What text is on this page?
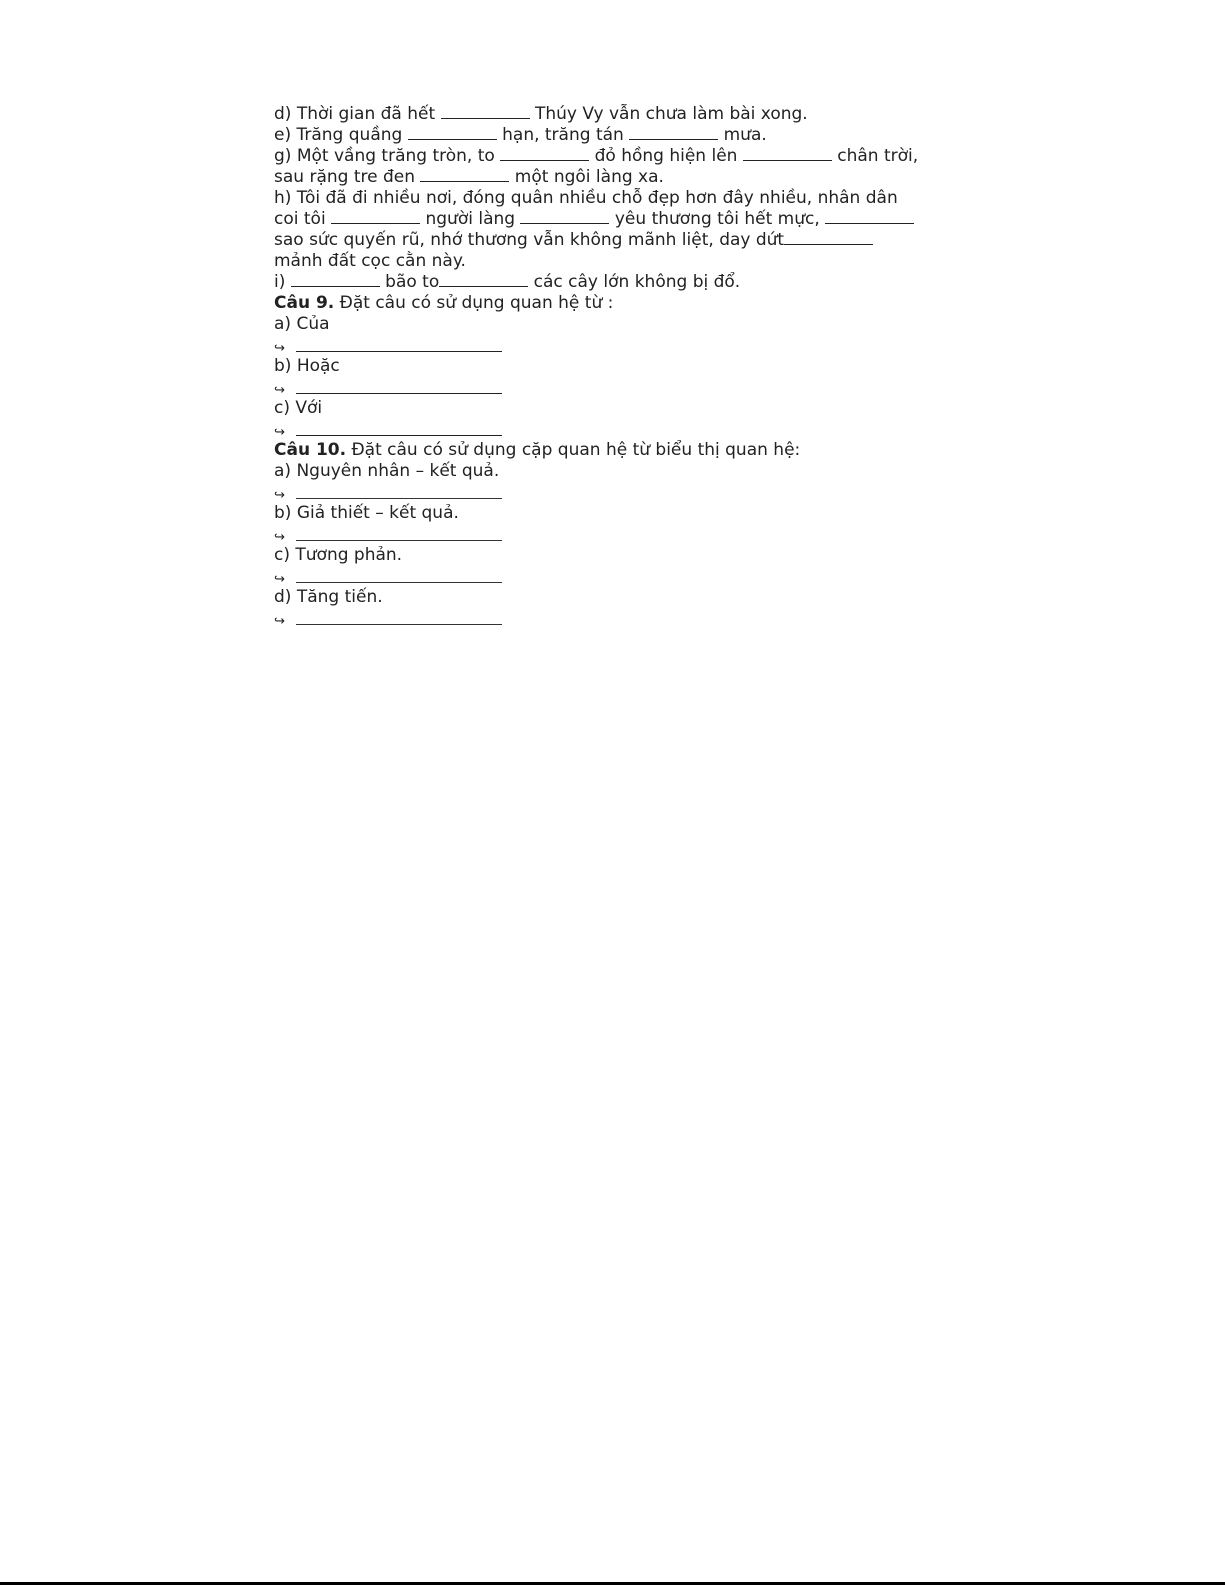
d) Thời gian đã hết	Thúy Vy vẫn chưa làm bài xong.
e) Trăng quầng	hạn, trăng tán	mưa.
g) Một vầng trăng tròn, to	đỏ hồng hiện lên	chân trời,
sau rặng tre đen	một ngôi làng xa.
h) Tôi đã đi nhiều nơi, đóng quân nhiều chỗ đẹp hơn đây nhiều, nhân dân
coi tôi	người làng	yêu thương tôi hết mực,
sao sức quyến rũ, nhớ thương vẫn không mãnh liệt, day dứt
mảnh đất cọc cằn này.
i)	bão to	các cây lớn không bị đổ.
Câu 9. Đặt câu có sử dụng quan hệ từ :
a) Của
↪
b) Hoặc
↪
c) Với
↪
Câu 10. Đặt câu có sử dụng cặp quan hệ từ biểu thị quan hệ:
a) Nguyên nhân – kết quả.
↪
b) Giả thiết – kết quả.
↪
c) Tương phản.
↪
d) Tăng tiến.
↪
